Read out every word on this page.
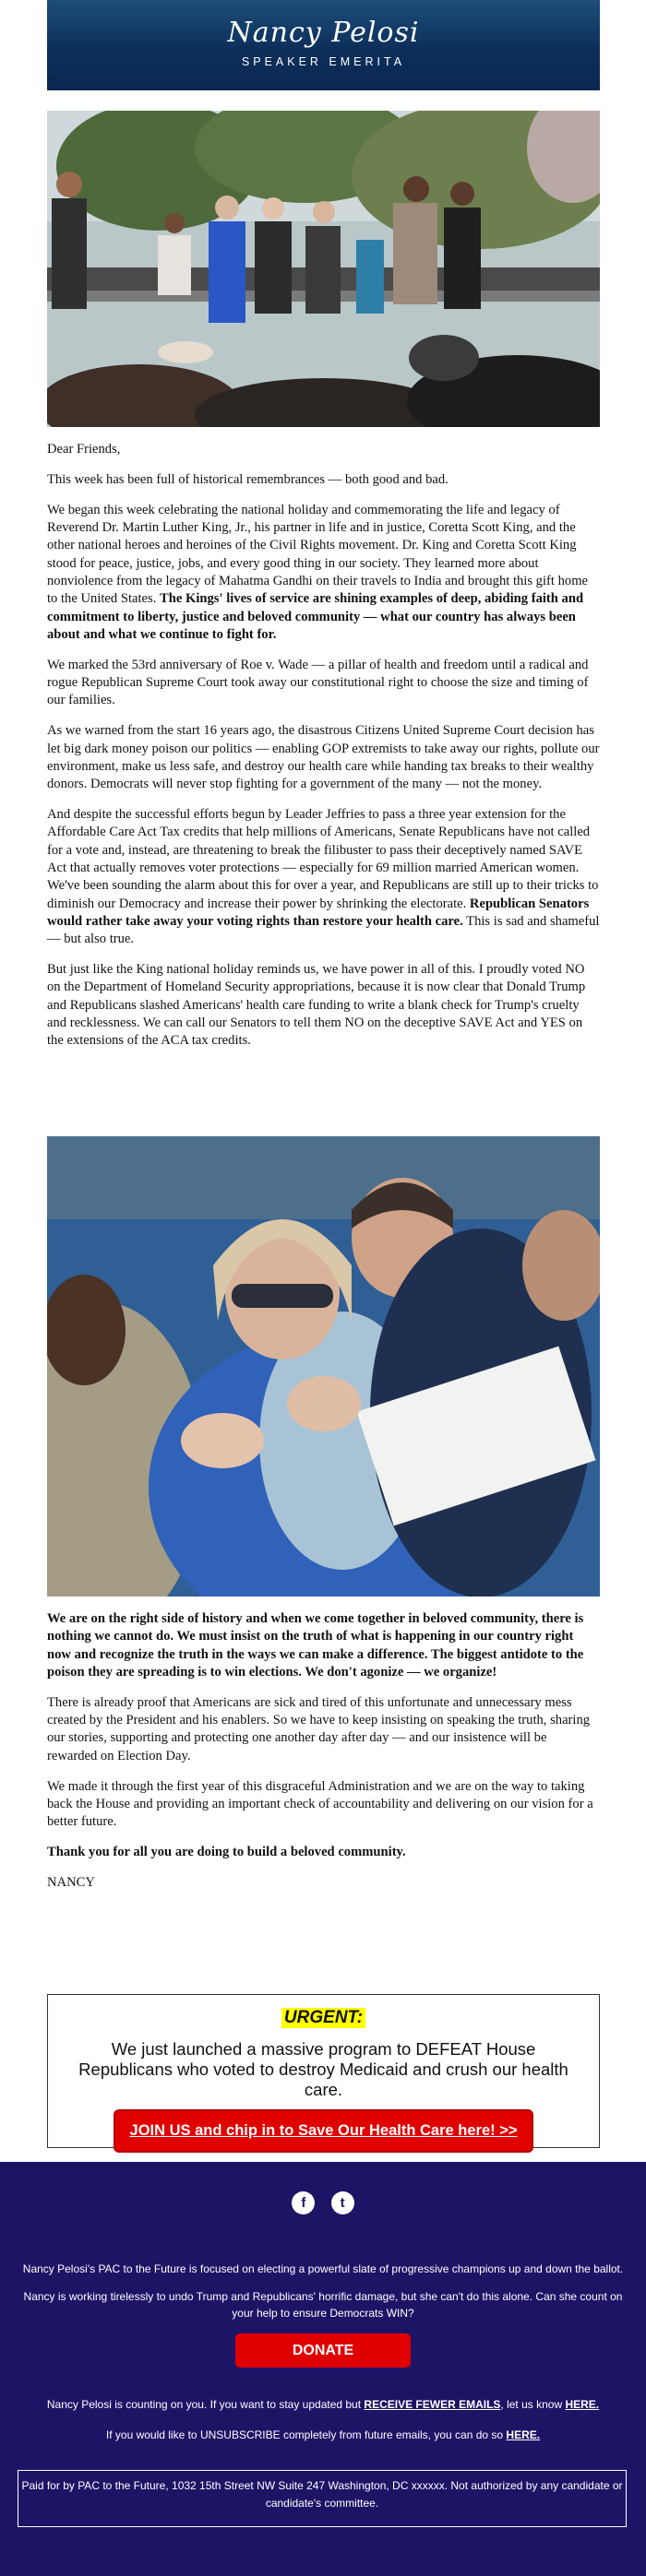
Nancy Pelosi
SPEAKER EMERITA

Dear Friends,

This week has been full of historical remembrances — both good and bad.

We began this week celebrating the national holiday and commemorating the life and legacy of Reverend Dr. Martin Luther King, Jr., his partner in life and in justice, Coretta Scott King, and the other national heroes and heroines of the Civil Rights movement. Dr. King and Coretta Scott King stood for peace, justice, jobs, and every good thing in our society. They learned more about nonviolence from the legacy of Mahatma Gandhi on their travels to India and brought this gift home to the United States. The Kings' lives of service are shining examples of deep, abiding faith and commitment to liberty, justice and beloved community — what our country has always been about and what we continue to fight for.

We marked the 53rd anniversary of Roe v. Wade — a pillar of health and freedom until a radical and rogue Republican Supreme Court took away our constitutional right to choose the size and timing of our families.

As we warned from the start 16 years ago, the disastrous Citizens United Supreme Court decision has let big dark money poison our politics — enabling GOP extremists to take away our rights, pollute our environment, make us less safe, and destroy our health care while handing tax breaks to their wealthy donors. Democrats will never stop fighting for a government of the many — not the money.

And despite the successful efforts begun by Leader Jeffries to pass a three year extension for the Affordable Care Act Tax credits that help millions of Americans, Senate Republicans have not called for a vote and, instead, are threatening to break the filibuster to pass their deceptively named SAVE Act that actually removes voter protections — especially for 69 million married American women. We've been sounding the alarm about this for over a year, and Republicans are still up to their tricks to diminish our Democracy and increase their power by shrinking the electorate. Republican Senators would rather take away your voting rights than restore your health care. This is sad and shameful — but also true.

But just like the King national holiday reminds us, we have power in all of this. I proudly voted NO on the Department of Homeland Security appropriations, because it is now clear that Donald Trump and Republicans slashed Americans' health care funding to write a blank check for Trump's cruelty and recklessness. We can call our Senators to tell them NO on the deceptive SAVE Act and YES on the extensions of the ACA tax credits.

We are on the right side of history and when we come together in beloved community, there is nothing we cannot do. We must insist on the truth of what is happening in our country right now and recognize the truth in the ways we can make a difference. The biggest antidote to the poison they are spreading is to win elections. We don't agonize — we organize!

There is already proof that Americans are sick and tired of this unfortunate and unnecessary mess created by the President and his enablers. So we have to keep insisting on speaking the truth, sharing our stories, supporting and protecting one another day after day — and our insistence will be rewarded on Election Day.

We made it through the first year of this disgraceful Administration and we are on the way to taking back the House and providing an important check of accountability and delivering on our vision for a better future.

Thank you for all you are doing to build a beloved community.

NANCY

URGENT:
We just launched a massive program to DEFEAT House Republicans who voted to destroy Medicaid and crush our health care.
JOIN US and chip in to Save Our Health Care here! >>
f t
Nancy Pelosi's PAC to the Future is focused on electing a powerful slate of progressive champions up and down the ballot.
Nancy is working tirelessly to undo Trump and Republicans' horrific damage, but she can't do this alone. Can she count on your help to ensure Democrats WIN?
DONATE
Nancy Pelosi is counting on you. If you want to stay updated but RECEIVE FEWER EMAILS, let us know HERE.
If you would like to UNSUBSCRIBE completely from future emails, you can do so HERE.
Paid for by PAC to the Future, 1032 15th Street NW Suite 247 Washington, DC xxxxxx. Not authorized by any candidate or candidate's committee.
